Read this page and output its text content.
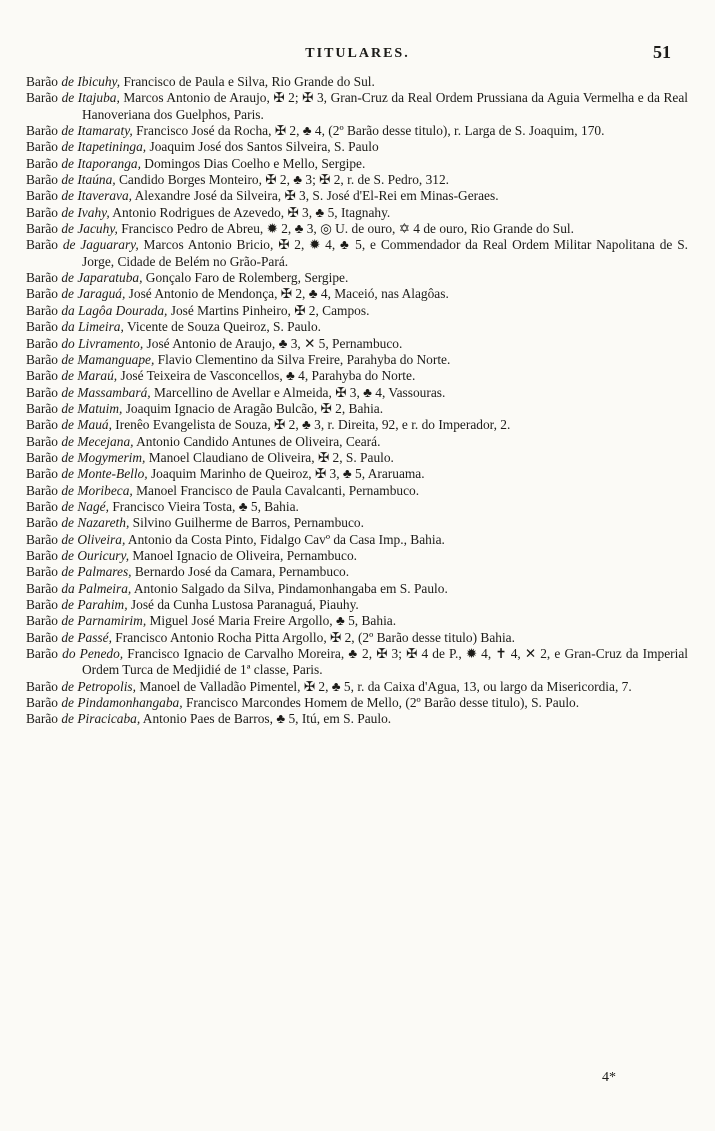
TITULARES.	51

Barão de Ibicuhy, Francisco de Paula e Silva, Rio Grande do Sul.

Barão de Itajuba, Marcos Antonio de Araujo, ✠ 2; ✠ 3, Gran-Cruz da Real Ordem Prussiana da Aguia Vermelha e da Real Hanoveriana dos Guelphos, Paris.

Barão de Itamaraty, Francisco José da Rocha, ✠ 2, ♣ 4, (2º Barão desse titulo), r. Larga de S. Joaquim, 170.

Barão de Itapetininga, Joaquim José dos Santos Silveira, S. Paulo

Barão de Itaporanga, Domingos Dias Coelho e Mello, Sergipe.

Barão de Itaúna, Candido Borges Monteiro, ✠ 2, ♣ 3; ✠ 2, r. de S. Pedro, 312.

Barão de Itaverava, Alexandre José da Silveira, ✠ 3, S. José d'El-Rei em Minas-Geraes.

Barão de Ivahy, Antonio Rodrigues de Azevedo, ✠ 3, ♣ 5, Itagnahy.

Barão de Jacuhy, Francisco Pedro de Abreu, ✹ 2, ♣ 3, ◎ U. de ouro, ✡ 4 de ouro, Rio Grande do Sul.

Barão de Jaguarary, Marcos Antonio Bricio, ✠ 2, ✹ 4, ♣ 5, e Commendador da Real Ordem Militar Napolitana de S. Jorge, Cidade de Belém no Grão-Pará.

Barão de Japaratuba, Gonçalo Faro de Rolemberg, Sergipe.

Barão de Jaraguá, José Antonio de Mendonça, ✠ 2, ♣ 4, Maceió, nas Alagôas.

Barão da Lagôa Dourada, José Martins Pinheiro, ✠ 2, Campos.

Barão da Limeira, Vicente de Souza Queiroz, S. Paulo.

Barão do Livramento, José Antonio de Araujo, ♣ 3, ✕ 5, Pernambuco.

Barão de Mamanguape, Flavio Clementino da Silva Freire, Parahyba do Norte.

Barão de Maraú, José Teixeira de Vasconcellos, ♣ 4, Parahyba do Norte.

Barão de Massambará, Marcellino de Avellar e Almeida, ✠ 3, ♣ 4, Vassouras.

Barão de Matuim, Joaquim Ignacio de Aragão Bulcão, ✠ 2, Bahia.

Barão de Mauá, Irenêo Evangelista de Souza, ✠ 2, ♣ 3, r. Direita, 92, e r. do Imperador, 2.

Barão de Mecejana, Antonio Candido Antunes de Oliveira, Ceará.

Barão de Mogymerim, Manoel Claudiano de Oliveira, ✠ 2, S. Paulo.

Barão de Monte-Bello, Joaquim Marinho de Queiroz, ✠ 3, ♣ 5, Araruama.

Barão de Moribeca, Manoel Francisco de Paula Cavalcanti, Pernambuco.

Barão de Nagé, Francisco Vieira Tosta, ♣ 5, Bahia.

Barão de Nazareth, Silvino Guilherme de Barros, Pernambuco.

Barão de Oliveira, Antonio da Costa Pinto, Fidalgo Cavº da Casa Imp., Bahia.

Barão de Ouricury, Manoel Ignacio de Oliveira, Pernambuco.

Barão de Palmares, Bernardo José da Camara, Pernambuco.

Barão da Palmeira, Antonio Salgado da Silva, Pindamonhangaba em S. Paulo.

Barão de Parahim, José da Cunha Lustosa Paranaguá, Piauhy.

Barão de Parnamirim, Miguel José Maria Freire Argollo, ♣ 5, Bahia.

Barão de Passé, Francisco Antonio Rocha Pitta Argollo, ✠ 2, (2º Barão desse titulo) Bahia.

Barão do Penedo, Francisco Ignacio de Carvalho Moreira, ♣ 2, ✠ 3; ✠ 4 de P., ✹ 4, ✝ 4, ✕ 2, e Gran-Cruz da Imperial Ordem Turca de Medjidié de 1ª classe, Paris.

Barão de Petropolis, Manoel de Valladão Pimentel, ✠ 2, ♣ 5, r. da Caixa d'Agua, 13, ou largo da Misericordia, 7.

Barão de Pindamonhangaba, Francisco Marcondes Homem de Mello, (2º Barão desse titulo), S. Paulo.

Barão de Piracicaba, Antonio Paes de Barros, ♣ 5, Itú, em S. Paulo.

4*
